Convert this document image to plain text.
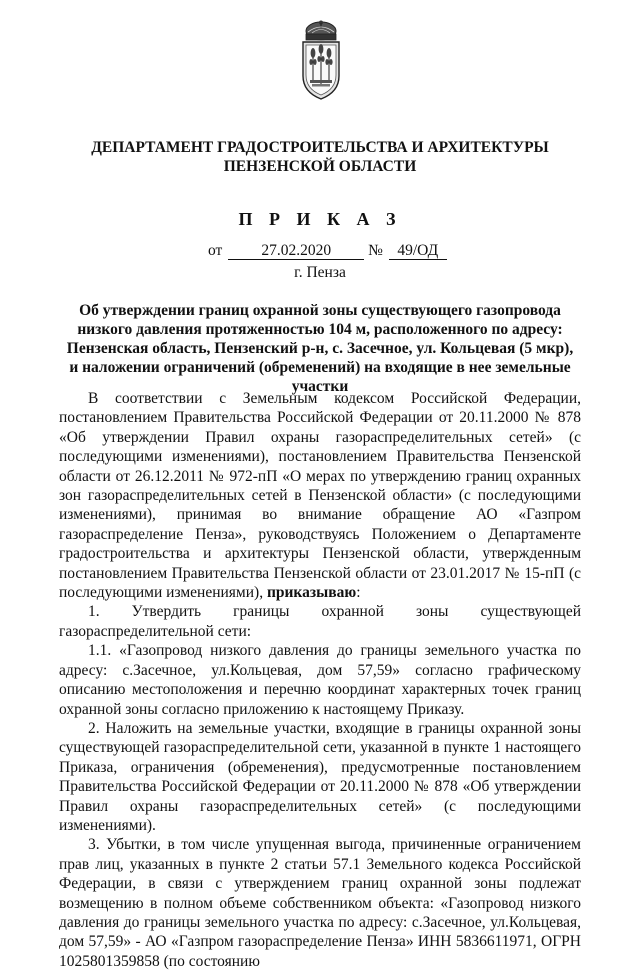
ДЕПАРТАМЕНТ ГРАДОСТРОИТЕЛЬСТВА И АРХИТЕКТУРЫ
ПЕНЗЕНСКОЙ ОБЛАСТИ
П Р И К А З
от	27.02.2020 № 49/ОД
г. Пенза
Об утверждении границ охранной зоны существующего газопровода
низкого давления протяженностью 104 м, расположенного по адресу:
Пензенская область, Пензенский р-н, с. Засечное, ул. Кольцевая (5 мкр),
и наложении ограничений (обременений) на входящие в нее земельные участки

В соответствии с Земельным кодексом Российской Федерации, постановлением Правительства Российской Федерации от 20.11.2000 № 878 «Об утверждении Правил охраны газораспределительных сетей» (с последующими изменениями), постановлением Правительства Пензенской области от 26.12.2011 № 972-пП «О мерах по утверждению границ охранных зон газораспределительных сетей в Пензенской области» (с последующими изменениями), принимая во внимание обращение АО «Газпром газораспределение Пенза», руководствуясь Положением о Департаменте градостроительства и архитектуры Пензенской области, утвержденным постановлением Правительства Пензенской области от 23.01.2017 № 15-пП (с последующими изменениями), приказываю:

1. Утвердить границы охранной зоны существующей газораспределительной сети:

1.1. «Газопровод низкого давления до границы земельного участка по адресу: с.Засечное, ул.Кольцевая, дом 57,59» согласно графическому описанию местоположения и перечню координат характерных точек границ охранной зоны согласно приложению к настоящему Приказу.

2. Наложить на земельные участки, входящие в границы охранной зоны существующей газораспределительной сети, указанной в пункте 1 настоящего Приказа, ограничения (обременения), предусмотренные постановлением Правительства Российской Федерации от 20.11.2000 № 878 «Об утверждении Правил охраны газораспределительных сетей» (с последующими изменениями).

3. Убытки, в том числе упущенная выгода, причиненные ограничением прав лиц, указанных в пункте 2 статьи 57.1 Земельного кодекса Российской Федерации, в связи с утверждением границ охранной зоны подлежат возмещению в полном объеме собственником объекта: «Газопровод низкого давления до границы земельного участка по адресу: с.Засечное, ул.Кольцевая, дом 57,59» - АО «Газпром газораспределение Пенза» ИНН 5836611971, ОГРН 1025801359858 (по состоянию
